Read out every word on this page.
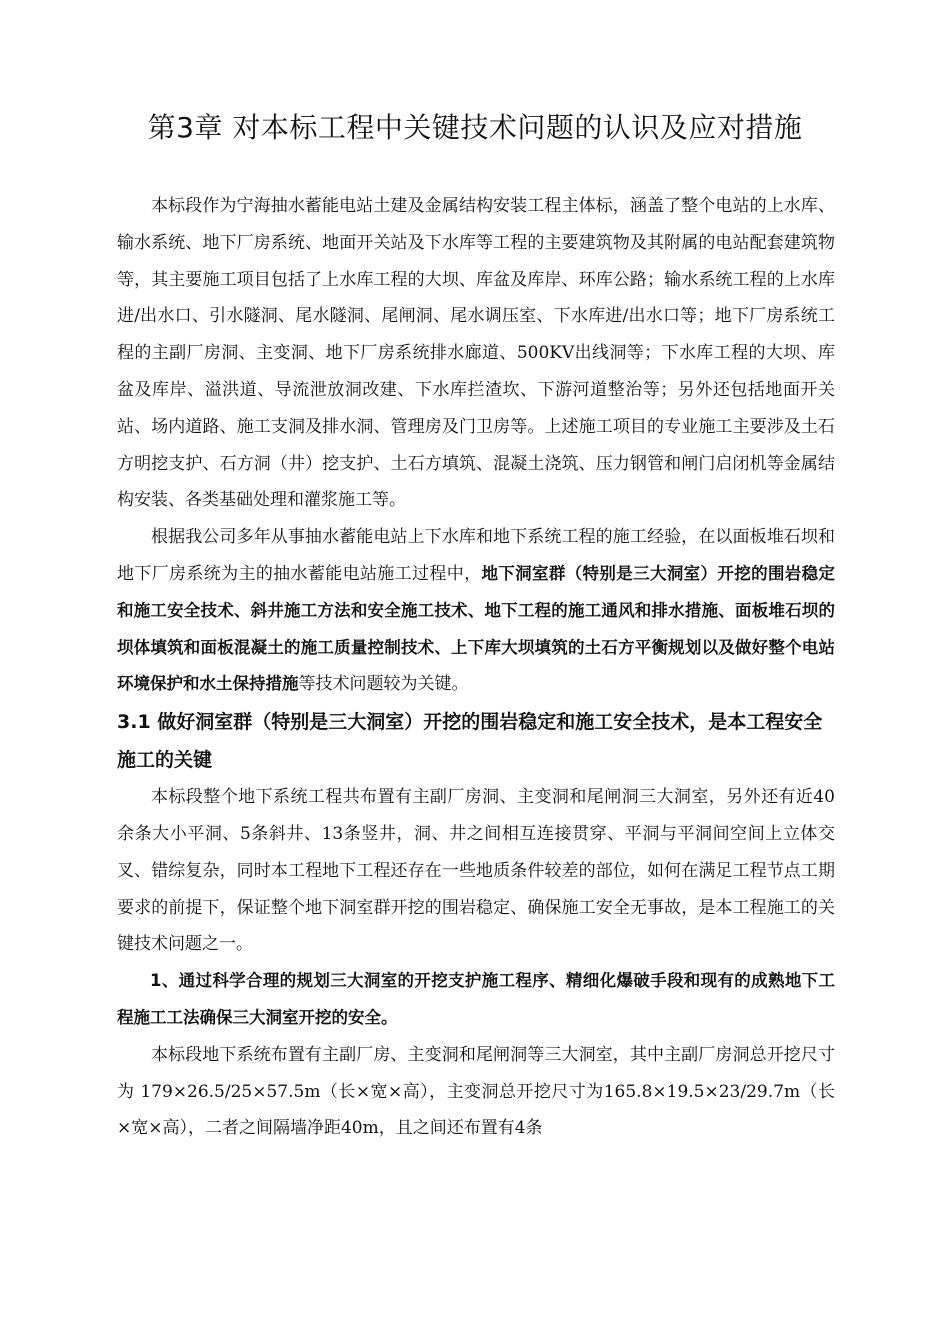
第3章 对本标工程中关键技术问题的认识及应对措施

本标段作为宁海抽水蓄能电站土建及金属结构安装工程主体标，涵盖了整个电站的上水库、输水系统、地下厂房系统、地面开关站及下水库等工程的主要建筑物及其附属的电站配套建筑物等，其主要施工项目包括了上水库工程的大坝、库盆及库岸、环库公路；输水系统工程的上水库进/出水口、引水隧洞、尾水隧洞、尾闸洞、尾水调压室、下水库进/出水口等；地下厂房系统工程的主副厂房洞、主变洞、地下厂房系统排水廊道、500KV出线洞等；下水库工程的大坝、库盆及库岸、溢洪道、导流泄放洞改建、下水库拦渣坎、下游河道整治等；另外还包括地面开关站、场内道路、施工支洞及排水洞、管理房及门卫房等。上述施工项目的专业施工主要涉及土石方明挖支护、石方洞（井）挖支护、土石方填筑、混凝土浇筑、压力钢管和闸门启闭机等金属结构安装、各类基础处理和灌浆施工等。

根据我公司多年从事抽水蓄能电站上下水库和地下系统工程的施工经验，在以面板堆石坝和地下厂房系统为主的抽水蓄能电站施工过程中，地下洞室群（特别是三大洞室）开挖的围岩稳定和施工安全技术、斜井施工方法和安全施工技术、地下工程的施工通风和排水措施、面板堆石坝的坝体填筑和面板混凝土的施工质量控制技术、上下库大坝填筑的土石方平衡规划以及做好整个电站环境保护和水土保持措施等技术问题较为关键。

3.1 做好洞室群（特别是三大洞室）开挖的围岩稳定和施工安全技术，是本工程安全施工的关键

本标段整个地下系统工程共布置有主副厂房洞、主变洞和尾闸洞三大洞室，另外还有近40余条大小平洞、5条斜井、13条竖井，洞、井之间相互连接贯穿、平洞与平洞间空间上立体交叉、错综复杂，同时本工程地下工程还存在一些地质条件较差的部位，如何在满足工程节点工期要求的前提下，保证整个地下洞室群开挖的围岩稳定、确保施工安全无事故，是本工程施工的关键技术问题之一。

1、通过科学合理的规划三大洞室的开挖支护施工程序、精细化爆破手段和现有的成熟地下工程施工工法确保三大洞室开挖的安全。

本标段地下系统布置有主副厂房、主变洞和尾闸洞等三大洞室，其中主副厂房洞总开挖尺寸为 179×26.5/25×57.5m（长×宽×高），主变洞总开挖尺寸为165.8×19.5×23/29.7m（长×宽×高），二者之间隔墙净距40m，且之间还布置有4条
